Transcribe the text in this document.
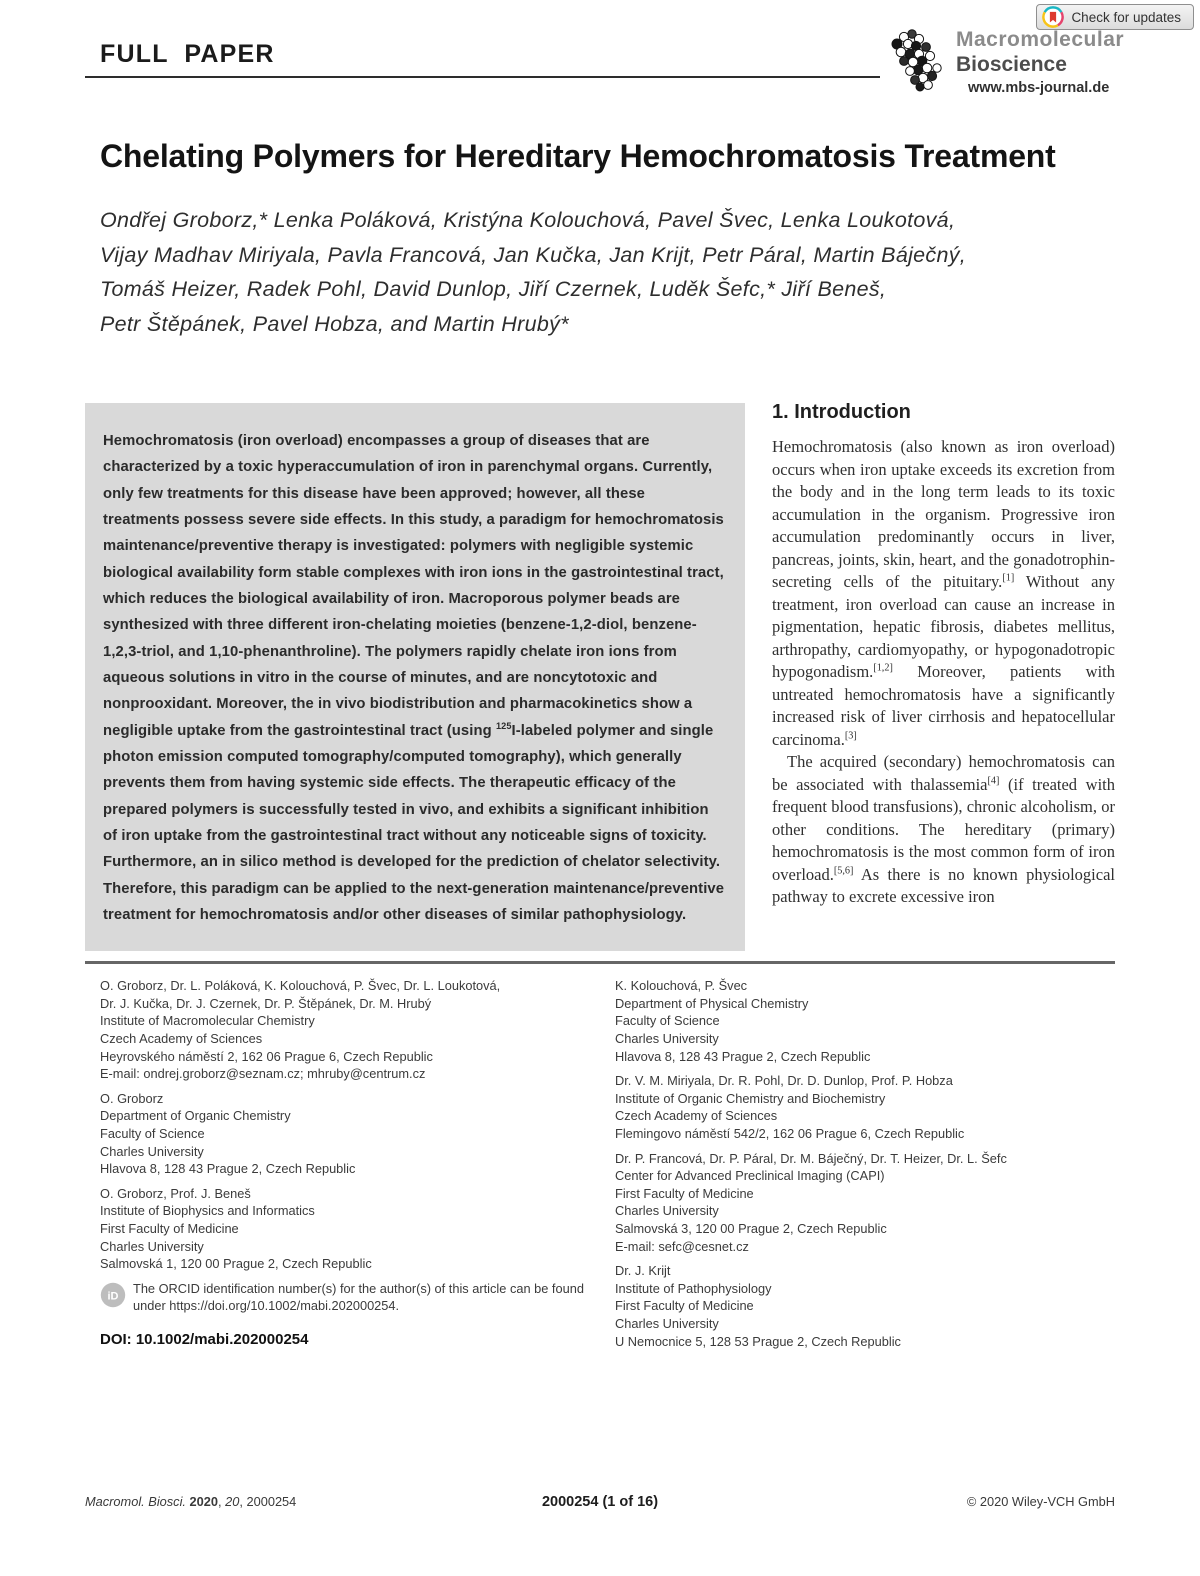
Check for updates
FULL PAPER
Macromolecular
Bioscience
www.mbs-journal.de
Chelating Polymers for Hereditary Hemochromatosis Treatment
Ondřej Groborz,* Lenka Poláková, Kristýna Kolouchová, Pavel Švec, Lenka Loukotová,
Vijay Madhav Miriyala, Pavla Francová, Jan Kučka, Jan Krijt, Petr Páral, Martin Báječný,
Tomáš Heizer, Radek Pohl, David Dunlop, Jiří Czernek, Luděk Šefc,* Jiří Beneš,
Petr Štěpánek, Pavel Hobza, and Martin Hrubý*
Hemochromatosis (iron overload) encompasses a group of diseases that are characterized by a toxic hyperaccumulation of iron in parenchymal organs. Currently, only few treatments for this disease have been approved; however, all these treatments possess severe side effects. In this study, a paradigm for hemochromatosis maintenance/preventive therapy is investigated: polymers with negligible systemic biological availability form stable complexes with iron ions in the gastrointestinal tract, which reduces the biological availability of iron. Macroporous polymer beads are synthesized with three different iron-chelating moieties (benzene-1,2-diol, benzene-1,2,3-triol, and 1,10-phenanthroline). The polymers rapidly chelate iron ions from aqueous solutions in vitro in the course of minutes, and are noncytotoxic and nonprooxidant. Moreover, the in vivo biodistribution and pharmacokinetics show a negligible uptake from the gastrointestinal tract (using $^{125}$I-labeled polymer and single photon emission computed tomography/computed tomography), which generally prevents them from having systemic side effects. The therapeutic efficacy of the prepared polymers is successfully tested in vivo, and exhibits a significant inhibition of iron uptake from the gastrointestinal tract without any noticeable signs of toxicity. Furthermore, an in silico method is developed for the prediction of chelator selectivity. Therefore, this paradigm can be applied to the next-generation maintenance/preventive treatment for hemochromatosis and/or other diseases of similar pathophysiology.
1. Introduction

Hemochromatosis (also known as iron overload) occurs when iron uptake exceeds its excretion from the body and in the long term leads to its toxic accumulation in the organism. Progressive iron accumulation predominantly occurs in liver, pancreas, joints, skin, heart, and the gonadotrophin-secreting cells of the pituitary.[1] Without any treatment, iron overload can cause an increase in pigmentation, hepatic fibrosis, diabetes mellitus, arthropathy, cardiomyopathy, or hypogonadotropic hypogonadism.[1,2] Moreover, patients with untreated hemochromatosis have a significantly increased risk of liver cirrhosis and hepatocellular carcinoma.[3]

The acquired (secondary) hemochromatosis can be associated with thalassemia[4] (if treated with frequent blood transfusions), chronic alcoholism, or other conditions. The hereditary (primary) hemochromatosis is the most common form of iron overload.[5,6] As there is no known physiological pathway to excrete excessive iron

O. Groborz, Dr. L. Poláková, K. Kolouchová, P. Švec, Dr. L. Loukotová,
Dr. J. Kučka, Dr. J. Czernek, Dr. P. Štěpánek, Dr. M. Hrubý
Institute of Macromolecular Chemistry
Czech Academy of Sciences
Heyrovského náměstí 2, 162 06 Prague 6, Czech Republic
E-mail: ondrej.groborz@seznam.cz; mhruby@centrum.cz
O. Groborz
Department of Organic Chemistry
Faculty of Science
Charles University
Hlavova 8, 128 43 Prague 2, Czech Republic
O. Groborz, Prof. J. Beneš
Institute of Biophysics and Informatics
First Faculty of Medicine
Charles University
Salmovská 1, 120 00 Prague 2, Czech Republic
iD
The ORCID identification number(s) for the author(s) of this article can be found under https://doi.org/10.1002/mabi.202000254.
DOI: 10.1002/mabi.202000254
K. Kolouchová, P. Švec
Department of Physical Chemistry
Faculty of Science
Charles University
Hlavova 8, 128 43 Prague 2, Czech Republic
Dr. V. M. Miriyala, Dr. R. Pohl, Dr. D. Dunlop, Prof. P. Hobza
Institute of Organic Chemistry and Biochemistry
Czech Academy of Sciences
Flemingovo náměstí 542/2, 162 06 Prague 6, Czech Republic
Dr. P. Francová, Dr. P. Páral, Dr. M. Báječný, Dr. T. Heizer, Dr. L. Šefc
Center for Advanced Preclinical Imaging (CAPI)
First Faculty of Medicine
Charles University
Salmovská 3, 120 00 Prague 2, Czech Republic
E-mail: sefc@cesnet.cz
Dr. J. Krijt
Institute of Pathophysiology
First Faculty of Medicine
Charles University
U Nemocnice 5, 128 53 Prague 2, Czech Republic
Macromol. Biosci. 2020, 20, 2000254	2000254 (1 of 16)	© 2020 Wiley-VCH GmbH
